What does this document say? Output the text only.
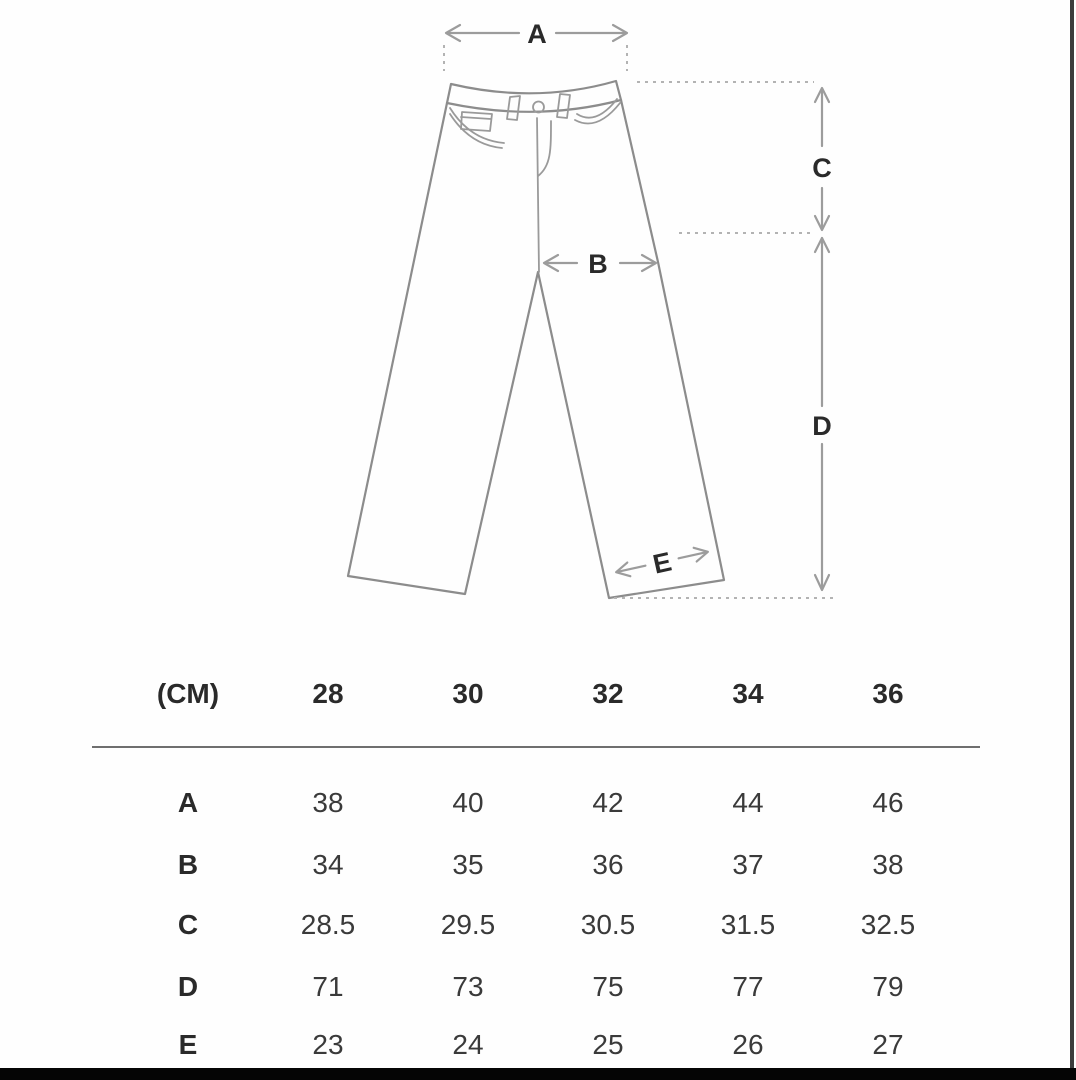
A
B
C
D
E
(CM)	28	30	32	34	36
A	38	40	42	44	46
B	34	35	36	37	38
C	28.5	29.5	30.5	31.5	32.5
D	71	73	75	77	79
E	23	24	25	26	27
